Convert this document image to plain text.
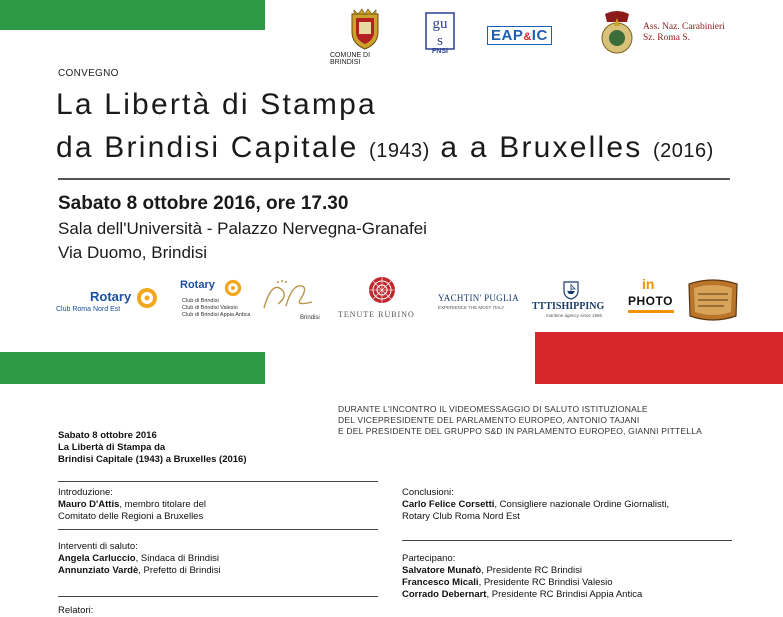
COMUNE DI BRINDISI
gu
s
FNSI
EAP&IC	Ass. Naz. Carabinieri
Sz. Roma S.
CONVEGNO
La Libertà di Stampa
da Brindisi Capitale (1943) a a Bruxelles (2016)
Sabato 8 ottobre 2016, ore 17.30
Sala dell'Università - Palazzo Nervegna-Granafei
Via Duomo, Brindisi
Rotary
Club Roma Nord Est
Rotary
Club di Brindisi
Club di Brindisi Valesio
Club di Brindisi Appia Antica	Brindisi TENUTE RUBINO
YACHTIN' PUGLIA
EXPERIENCE THE MOST ITALY	TTTISHIPPING
maritime agency since 1966
in
PHOTO
DURANTE L'INCONTRO IL VIDEOMESSAGGIO DI SALUTO ISTITUZIONALE
DEL VICEPRESIDENTE DEL PARLAMENTO EUROPEO, ANTONIO TAJANI
E DEL PRESIDENTE DEL GRUPPO S&D IN PARLAMENTO EUROPEO, GIANNI PITTELLA
Sabato 8 ottobre 2016
La Libertà di Stampa da
Brindisi Capitale (1943) a Bruxelles (2016)
Introduzione:
Mauro D'Attis, membro titolare del
Comitato delle Regioni a Bruxelles
Interventi di saluto:
Angela Carluccio, Sindaca di Brindisi
Annunziato Vardè, Prefetto di Brindisi
Relatori:
Conclusioni:
Carlo Felice Corsetti, Consigliere nazionale Ordine Giornalisti,
Rotary Club Roma Nord Est
Partecipano:
Salvatore Munafò, Presidente RC Brindisi
Francesco Micali, Presidente RC Brindisi Valesio
Corrado Debernart, Presidente RC Brindisi Appia Antica
